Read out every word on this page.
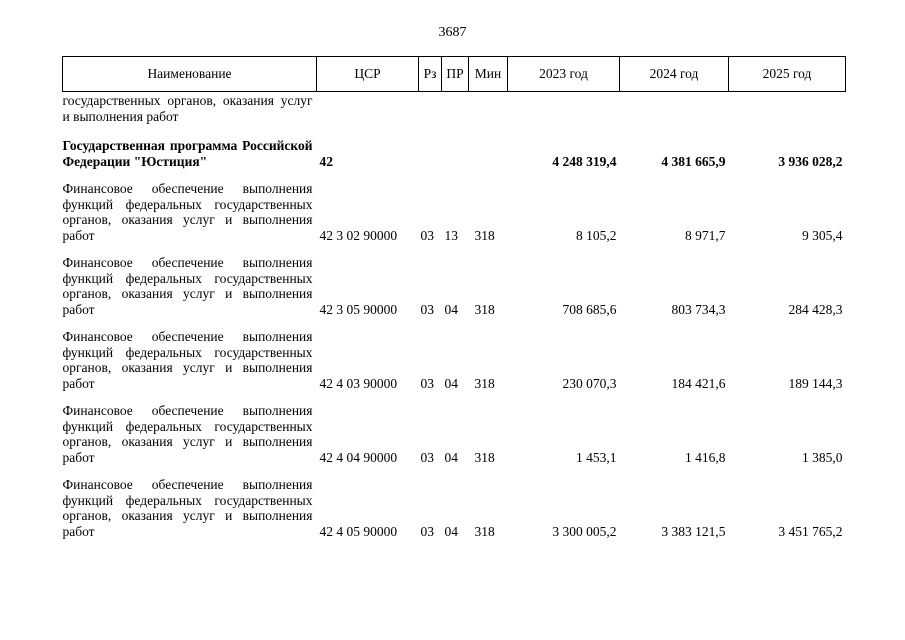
3687
Наименование	ЦСР	Рз	ПР	Мин	2023 год	2024 год	2025 год
государственных органов, оказания услуг и выполнения работ							
Государственная программа Российской Федерации "Юстиция"	42				4 248 319,4	4 381 665,9	3 936 028,2
Финансовое обеспечение выполнения функций федеральных государственных органов, оказания услуг и выполнения работ	42 3 02 90000	03	13	318	8 105,2	8 971,7	9 305,4
Финансовое обеспечение выполнения функций федеральных государственных органов, оказания услуг и выполнения работ	42 3 05 90000	03	04	318	708 685,6	803 734,3	284 428,3
Финансовое обеспечение выполнения функций федеральных государственных органов, оказания услуг и выполнения работ	42 4 03 90000	03	04	318	230 070,3	184 421,6	189 144,3
Финансовое обеспечение выполнения функций федеральных государственных органов, оказания услуг и выполнения работ	42 4 04 90000	03	04	318	1 453,1	1 416,8	1 385,0
Финансовое обеспечение выполнения функций федеральных государственных органов, оказания услуг и выполнения работ	42 4 05 90000	03	04	318	3 300 005,2	3 383 121,5	3 451 765,2
